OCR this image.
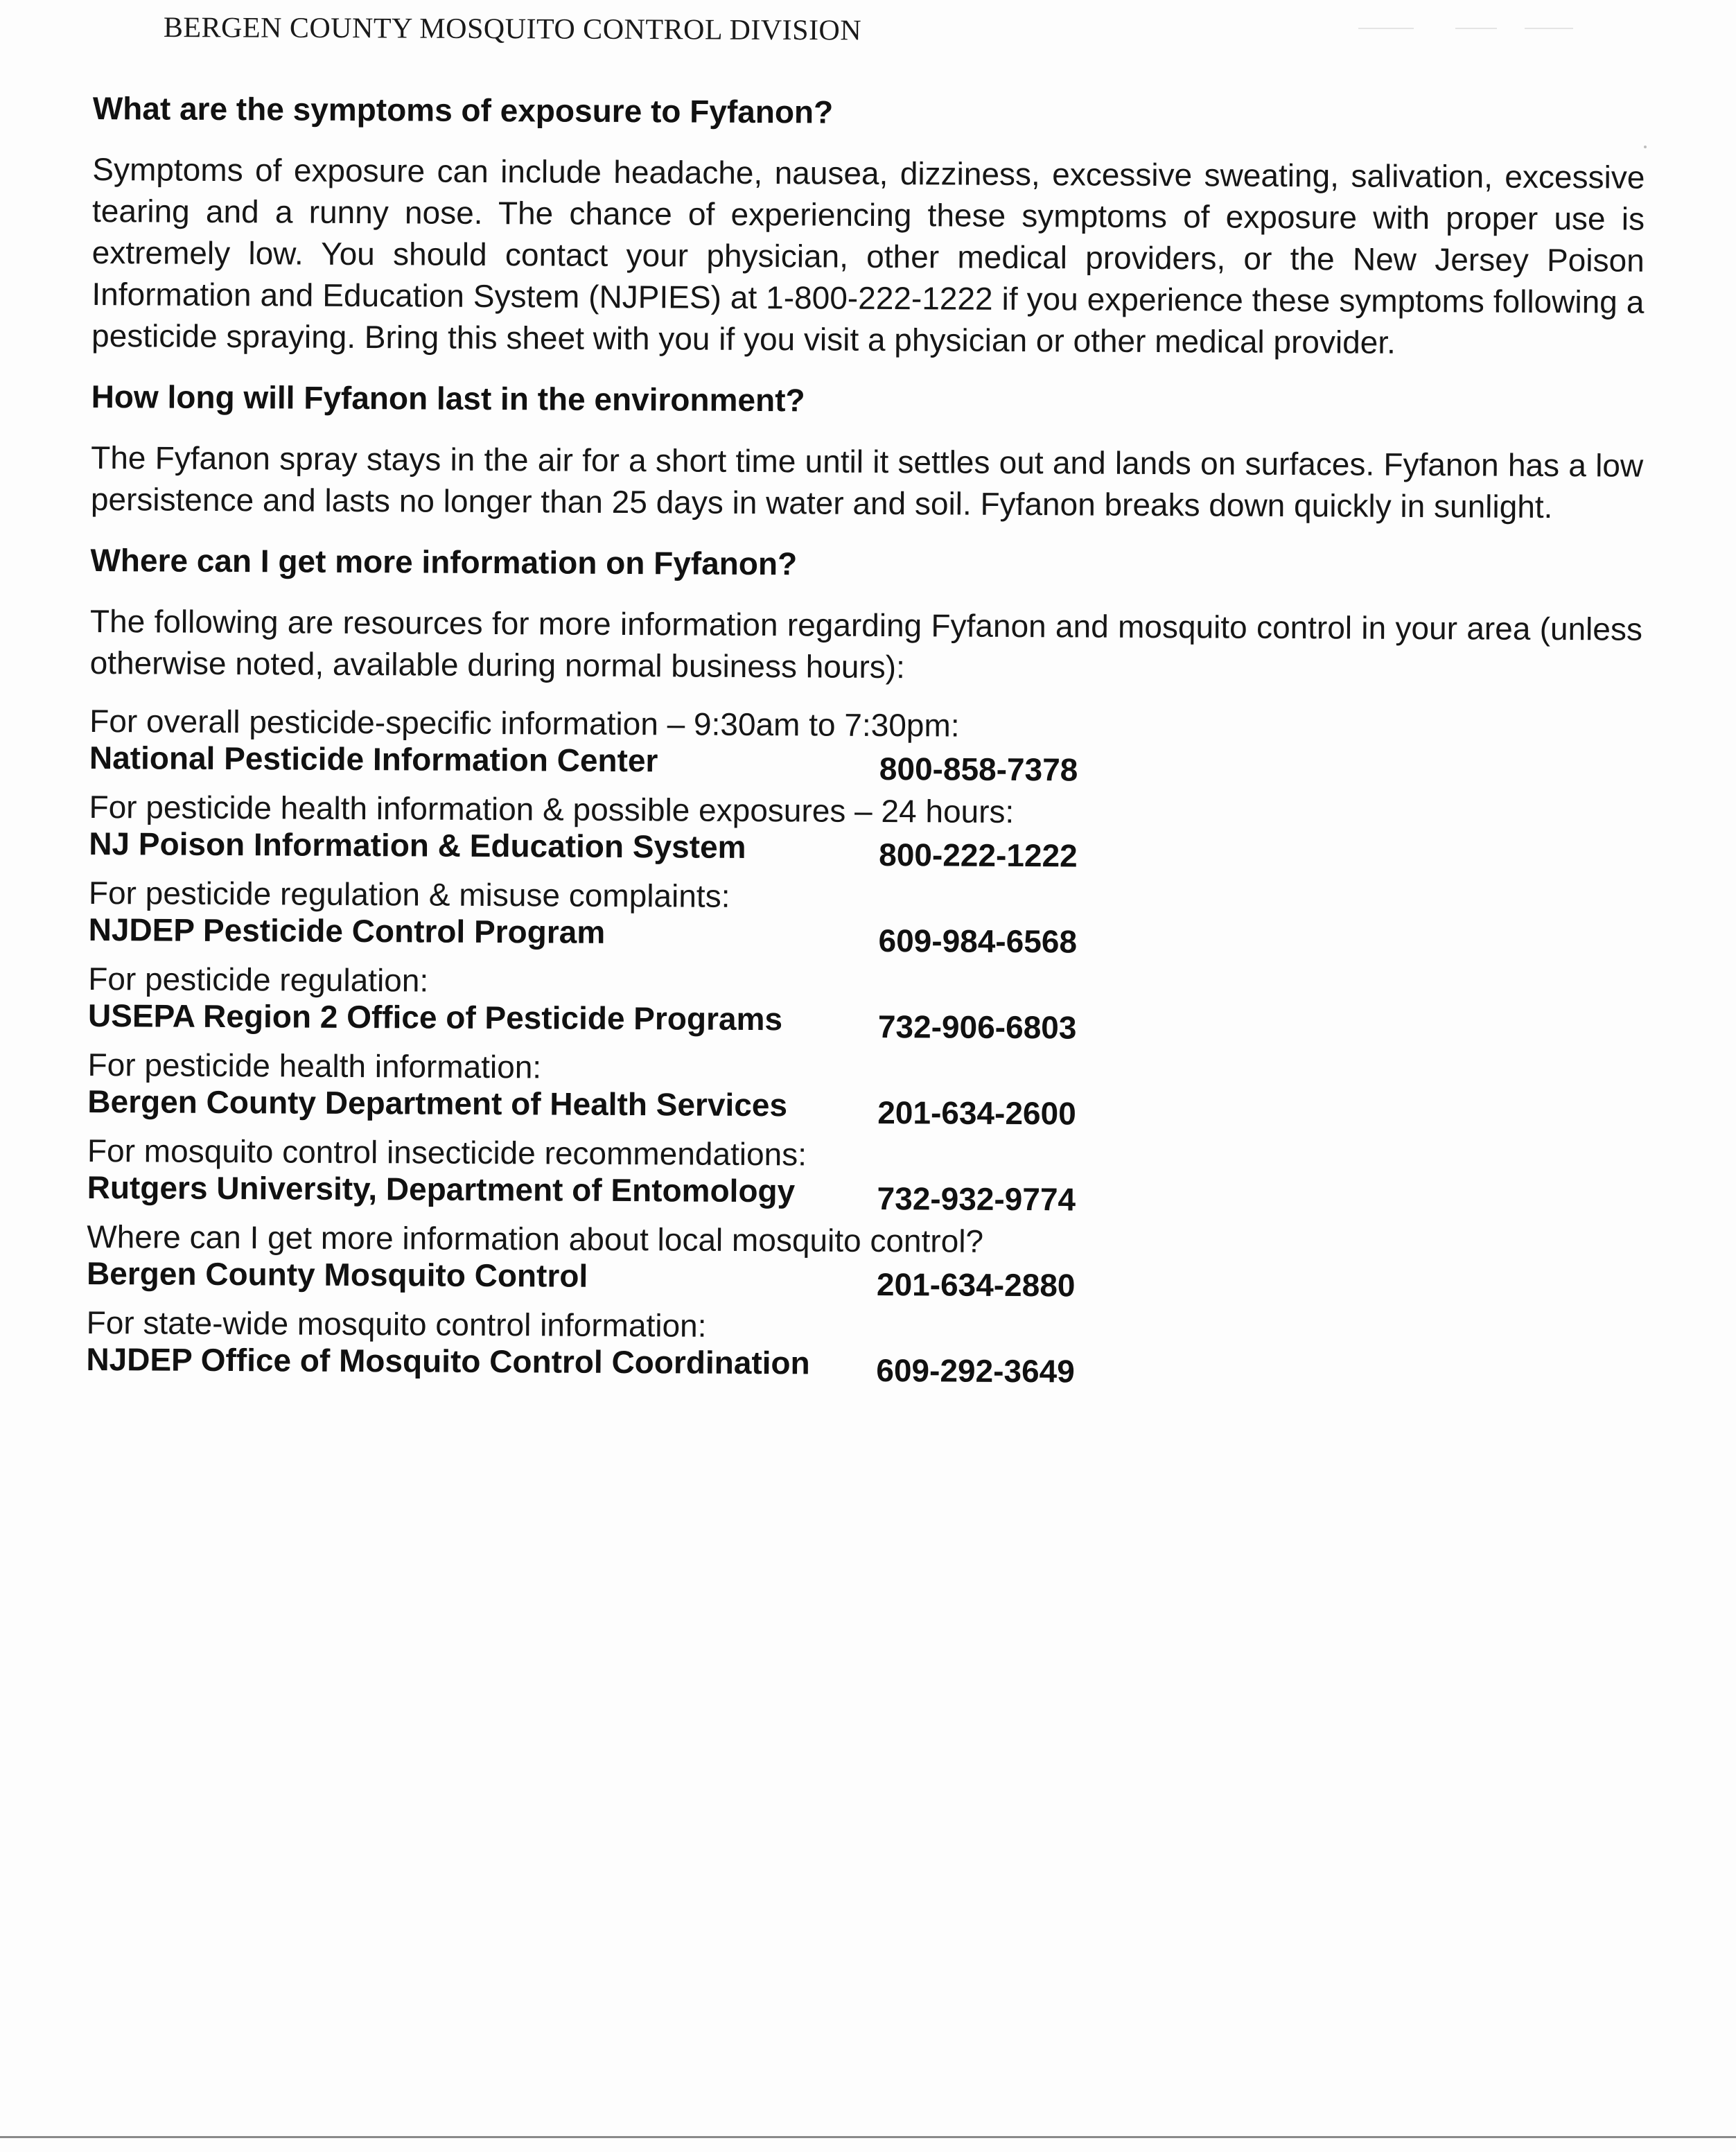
BERGEN COUNTY MOSQUITO CONTROL DIVISION
What are the symptoms of exposure to Fyfanon?

Symptoms of exposure can include headache, nausea, dizziness, excessive sweating, salivation, excessive tearing and a runny nose. The chance of experiencing these symptoms of exposure with proper use is extremely low. You should contact your physician, other medical providers, or the New Jersey Poison Information and Education System (NJPIES) at 1-800-222-1222 if you experience these symptoms following a pesticide spraying. Bring this sheet with you if you visit a physician or other medical provider.

How long will Fyfanon last in the environment?

The Fyfanon spray stays in the air for a short time until it settles out and lands on surfaces. Fyfanon has a low persistence and lasts no longer than 25 days in water and soil. Fyfanon breaks down quickly in sunlight.

Where can I get more information on Fyfanon?

The following are resources for more information regarding Fyfanon and mosquito control in your area (unless otherwise noted, available during normal business hours):

For overall pesticide-specific information – 9:30am to 7:30pm:
National Pesticide Information Center	800-858-7378
For pesticide health information & possible exposures – 24 hours:
NJ Poison Information & Education System	800-222-1222
For pesticide regulation & misuse complaints:
NJDEP Pesticide Control Program	609-984-6568
For pesticide regulation:
USEPA Region 2 Office of Pesticide Programs	732-906-6803
For pesticide health information:
Bergen County Department of Health Services	201-634-2600
For mosquito control insecticide recommendations:
Rutgers University, Department of Entomology	732-932-9774
Where can I get more information about local mosquito control?
Bergen County Mosquito Control	201-634-2880
For state-wide mosquito control information:
NJDEP Office of Mosquito Control Coordination 609-292-3649
